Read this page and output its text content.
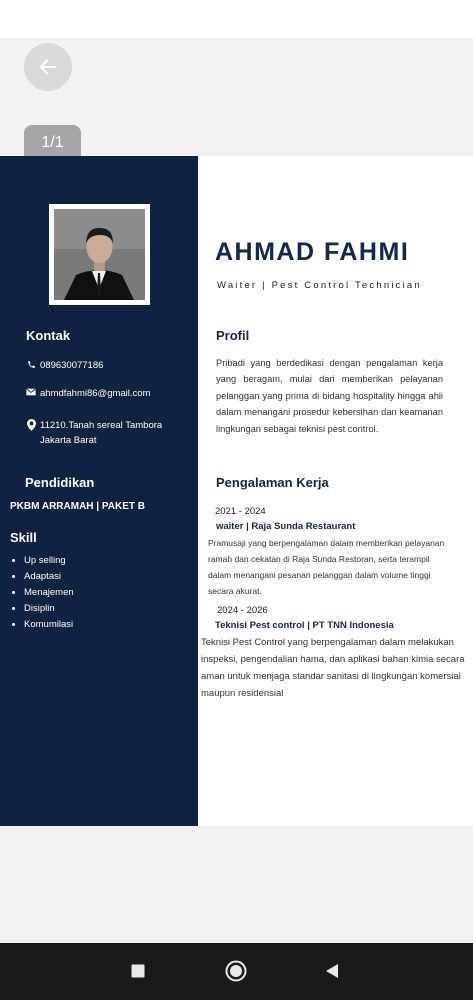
1/1
Kontak
089630077186
ahmdfahmi86@gmail.com
11210.Tanah sereal Tambora
Jakarta Barat
Pendidikan
PKBM ARRAMAH | PAKET B
Skill
• Up selling
• Adaptasi
• Menajemen
• Disiplin
• Komumilasi
AHMAD FAHMI
Waiter | Pest Control Technician
Profil
Pribadi yang berdedikasi dengan pengalaman kerja yang beragam, mulai dari memberikan pelayanan pelanggan yang prima di bidang hospitality hingga ahli dalam menangani prosedur kebersihan dan keamanan lingkungan sebagai teknisi pest control.
Pengalaman Kerja
2021 - 2024
waiter | Raja Sunda Restaurant
Pramusaji yang berpengalaman dalam memberikan pelayanan ramah dan cekatan di Raja Sunda Restoran, serta terampil dalam menangani pesanan pelanggan dalam volume tinggi secara akurat.
2024 - 2026
Teknisi Pest control | PT TNN Indonesia
Teknisi Pest Control yang berpengalaman dalam melakukan inspeksi, pengendalian hama, dan aplikasi bahan kimia secara aman untuk menjaga standar sanitasi di lingkungan komersial maupun residensial
